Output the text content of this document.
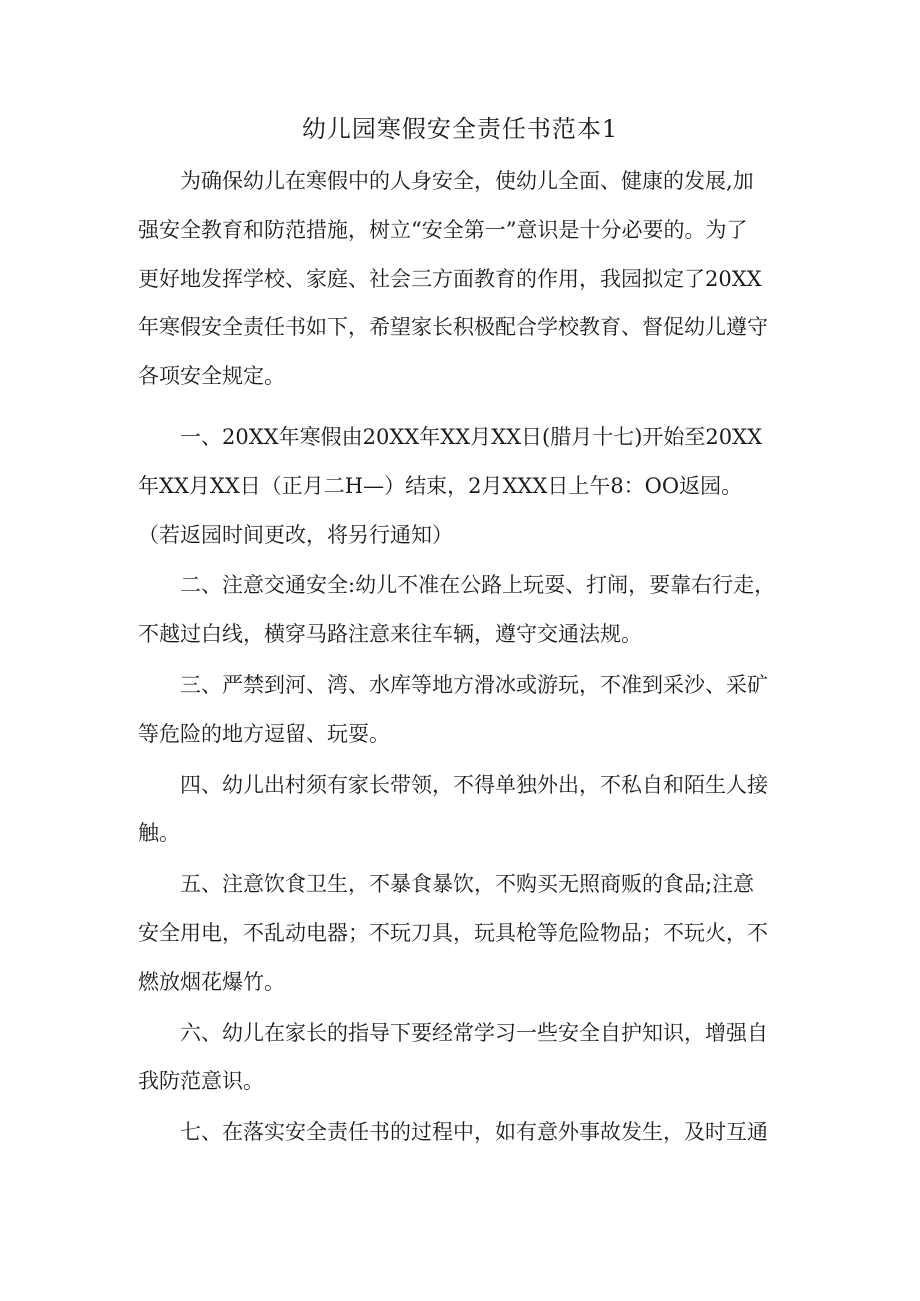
幼儿园寒假安全责任书范本1
为确保幼儿在寒假中的人身安全，使幼儿全面、健康的发展,加
强安全教育和防范措施，树立“安全第一”意识是十分必要的。为了
更好地发挥学校、家庭、社会三方面教育的作用，我园拟定了20XX
年寒假安全责任书如下，希望家长积极配合学校教育、督促幼儿遵守
各项安全规定。
一、20XX年寒假由20XX年XX月XX日(腊月十七)开始至20XX
年XX月XX日（正月二H—）结束，2月XXX日上午8：OO返园。
（若返园时间更改，将另行通知）
二、注意交通安全:幼儿不准在公路上玩耍、打闹，要靠右行走，
不越过白线，横穿马路注意来往车辆，遵守交通法规。
三、严禁到河、湾、水库等地方滑冰或游玩，不准到采沙、采矿
等危险的地方逗留、玩耍。
四、幼儿出村须有家长带领，不得单独外出，不私自和陌生人接
触。
五、注意饮食卫生，不暴食暴饮，不购买无照商贩的食品;注意
安全用电，不乱动电器；不玩刀具，玩具枪等危险物品；不玩火，不
燃放烟花爆竹。
六、幼儿在家长的指导下要经常学习一些安全自护知识，增强自
我防范意识。
七、在落实安全责任书的过程中，如有意外事故发生，及时互通
